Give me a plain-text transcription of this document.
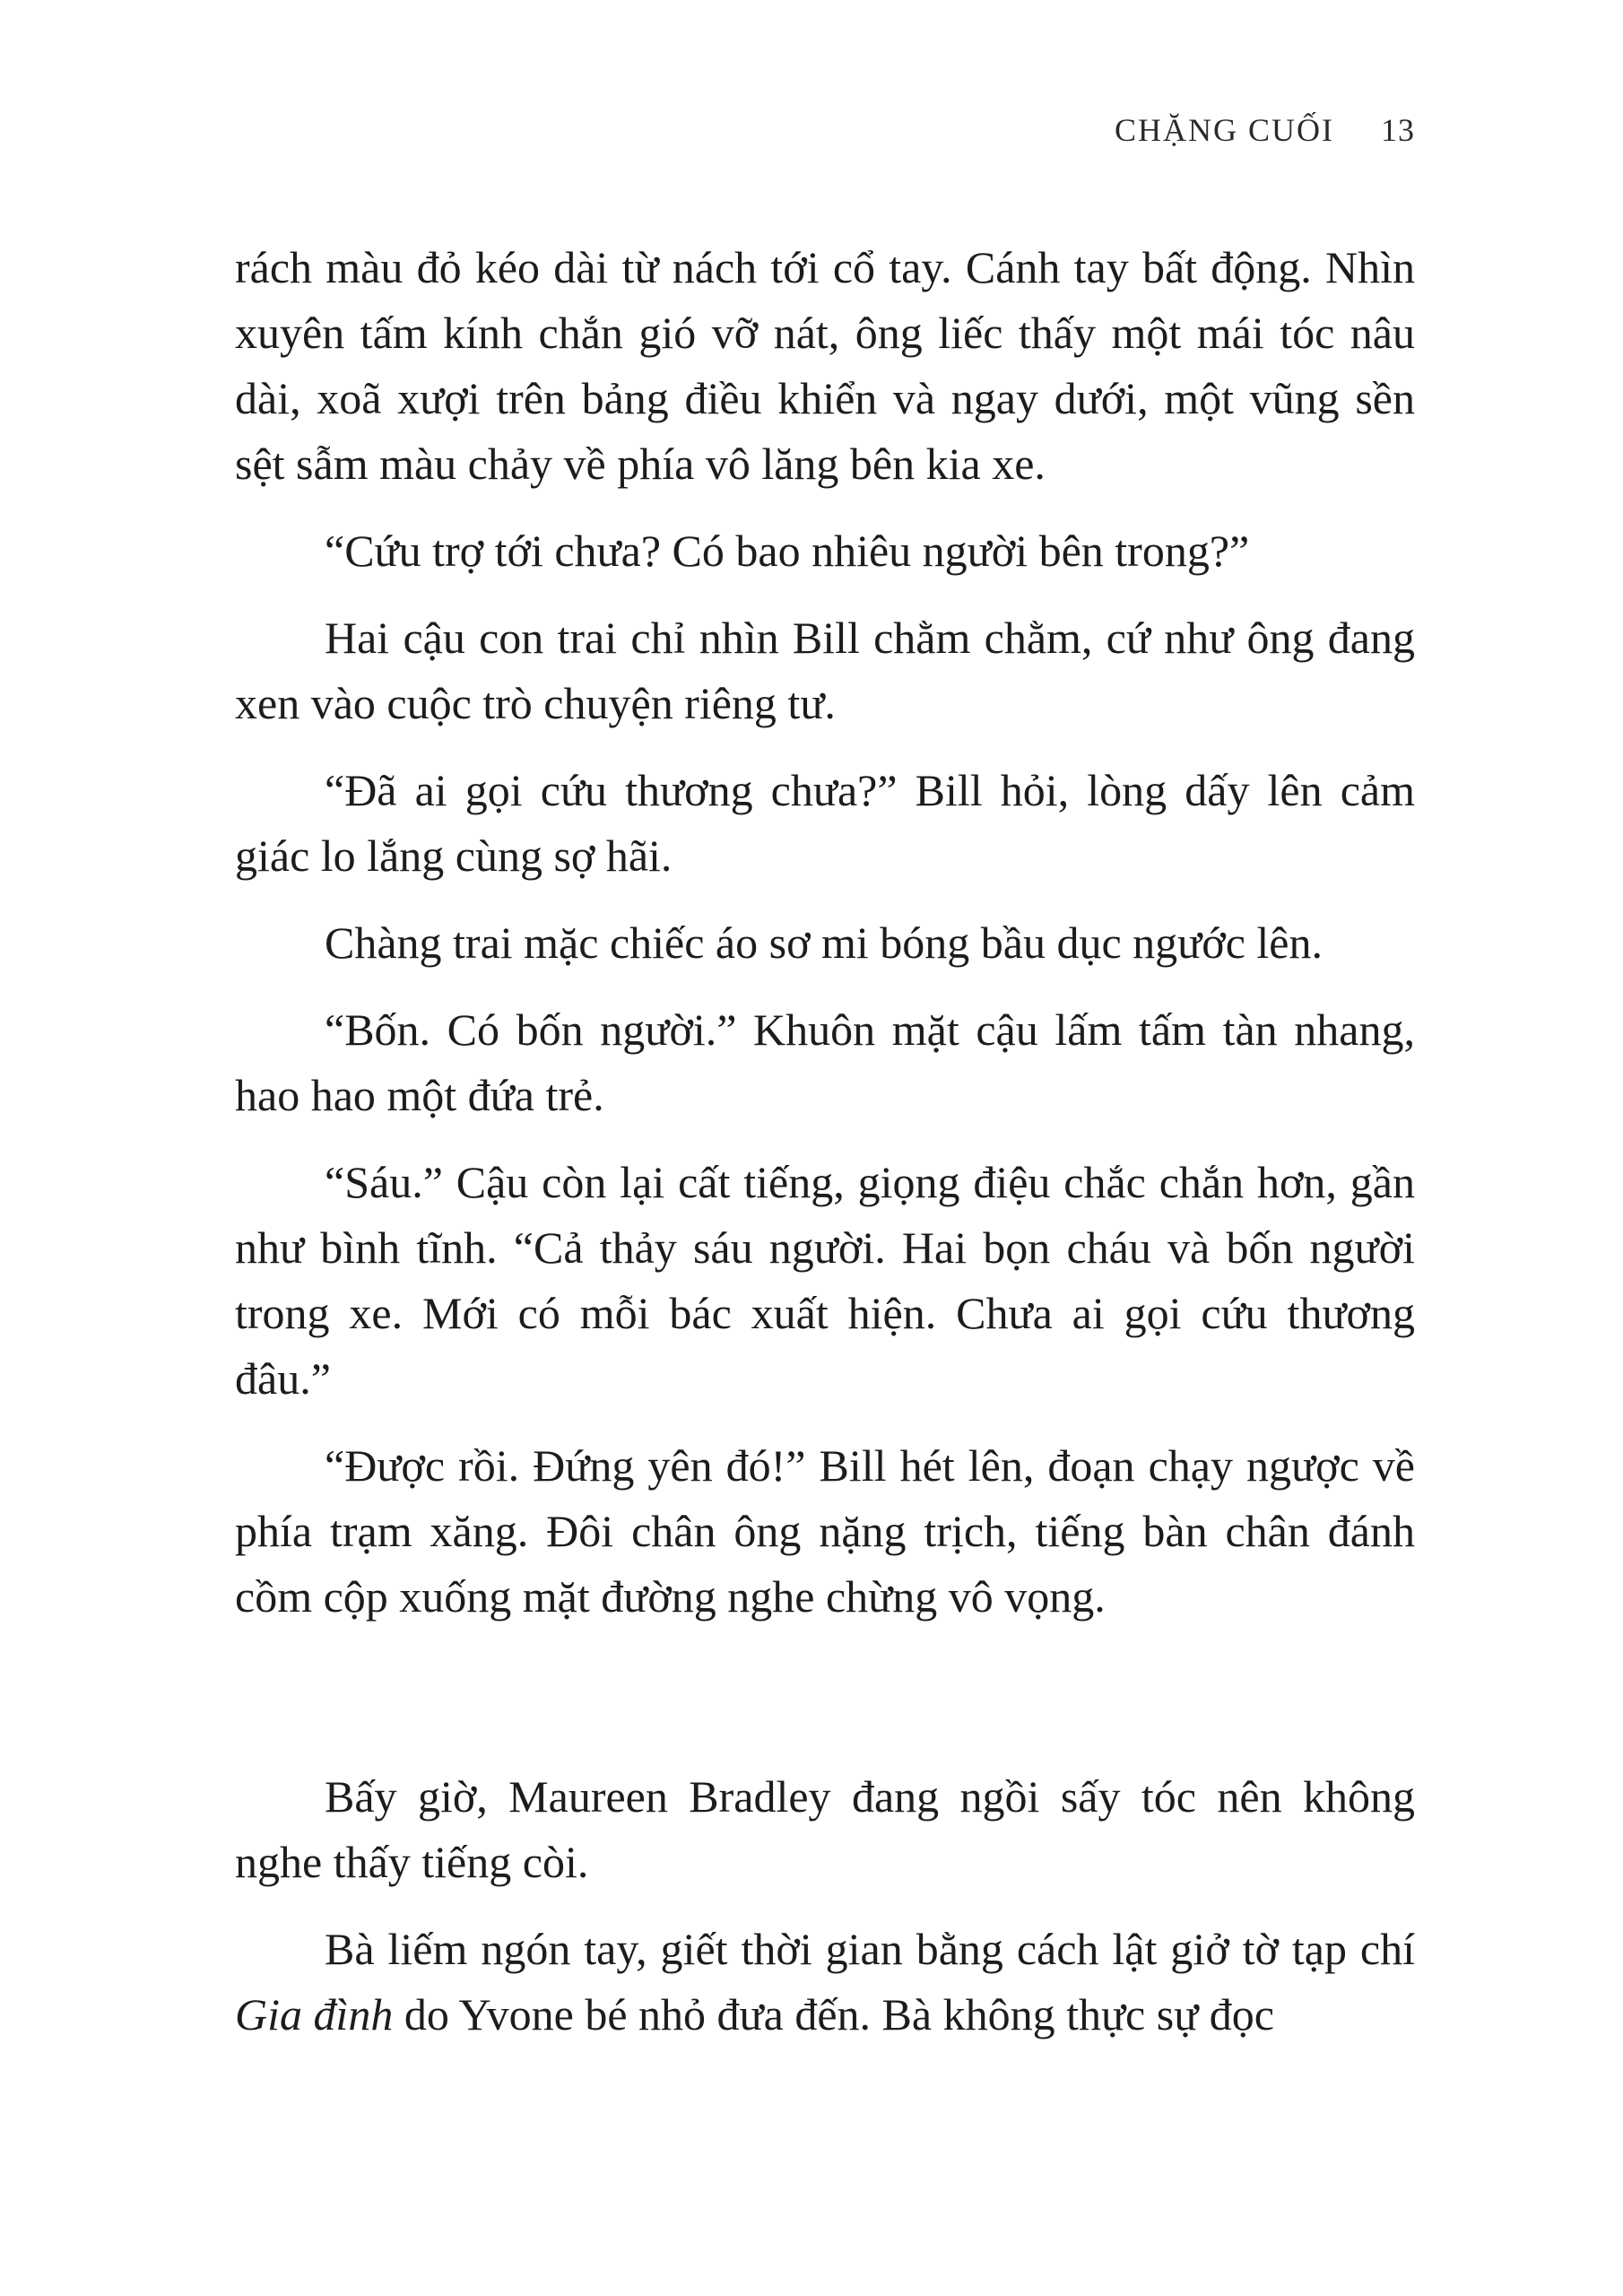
CHẶNG CUỐI 13

rách màu đỏ kéo dài từ nách tới cổ tay. Cánh tay bất động. Nhìn xuyên tấm kính chắn gió vỡ nát, ông liếc thấy một mái tóc nâu dài, xoã xượi trên bảng điều khiển và ngay dưới, một vũng sền sệt sẫm màu chảy về phía vô lăng bên kia xe.

“Cứu trợ tới chưa? Có bao nhiêu người bên trong?”

Hai cậu con trai chỉ nhìn Bill chằm chằm, cứ như ông đang xen vào cuộc trò chuyện riêng tư.

“Đã ai gọi cứu thương chưa?” Bill hỏi, lòng dấy lên cảm giác lo lắng cùng sợ hãi.

Chàng trai mặc chiếc áo sơ mi bóng bầu dục ngước lên.

“Bốn. Có bốn người.” Khuôn mặt cậu lấm tấm tàn nhang, hao hao một đứa trẻ.

“Sáu.” Cậu còn lại cất tiếng, giọng điệu chắc chắn hơn, gần như bình tĩnh. “Cả thảy sáu người. Hai bọn cháu và bốn người trong xe. Mới có mỗi bác xuất hiện. Chưa ai gọi cứu thương đâu.”

“Được rồi. Đứng yên đó!” Bill hét lên, đoạn chạy ngược về phía trạm xăng. Đôi chân ông nặng trịch, tiếng bàn chân đánh cồm cộp xuống mặt đường nghe chừng vô vọng.

Bấy giờ, Maureen Bradley đang ngồi sấy tóc nên không nghe thấy tiếng còi.

Bà liếm ngón tay, giết thời gian bằng cách lật giở tờ tạp chí Gia đình do Yvone bé nhỏ đưa đến. Bà không thực sự đọc
